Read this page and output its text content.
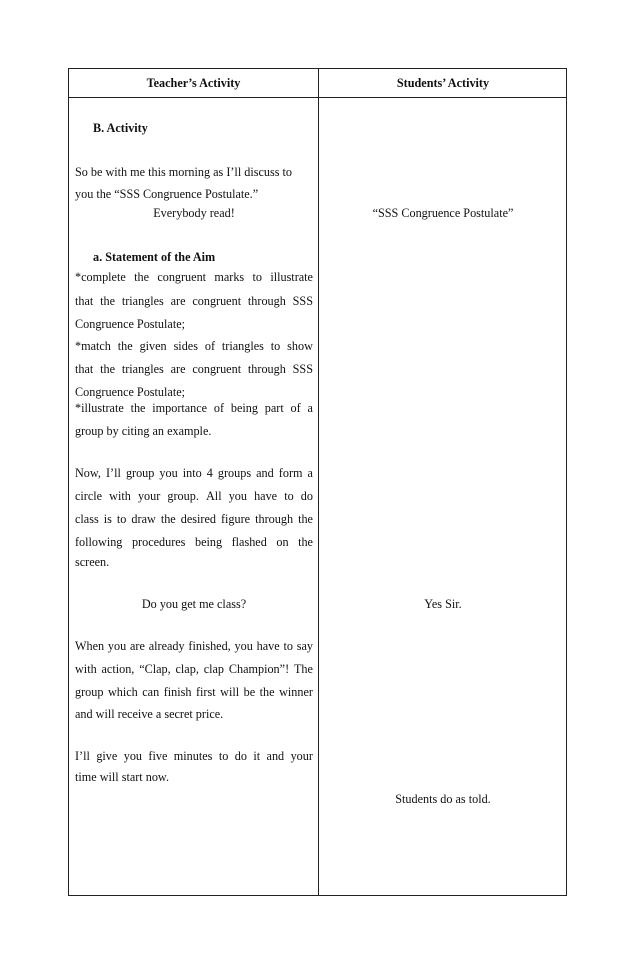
Teacher’s Activity	Students’ Activity
B. Activity
So be with me this morning as I’ll discuss to
you the “SSS Congruence Postulate.”
Everybody read!
a. Statement of the Aim
*complete the congruent marks to illustrate
that the triangles are congruent through SSS
Congruence Postulate;
*match the given sides of triangles to show
that the triangles are congruent through SSS
Congruence Postulate;
*illustrate the importance of being part of a
group by citing an example.
Now, I’ll group you into 4 groups and form a
circle with your group. All you have to do
class is to draw the desired figure through the
following procedures being flashed on the
screen.
Do you get me class?
When you are already finished, you have to say
with action, “Clap, clap, clap Champion”! The
group which can finish first will be the winner
and will receive a secret price.
I’ll give you five minutes to do it and your
time will start now.
“SSS Congruence Postulate”
Yes Sir.
Students do as told.
